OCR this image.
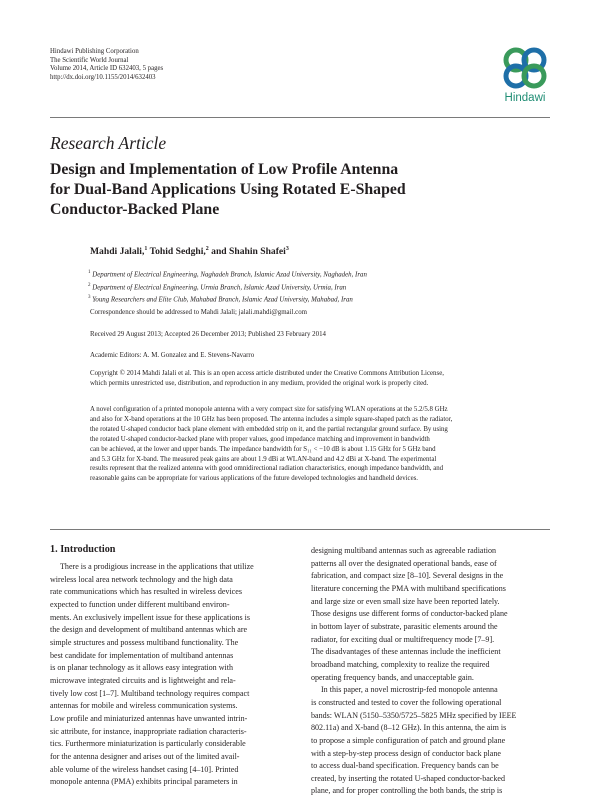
Hindawi Publishing Corporation
The Scientific World Journal
Volume 2014, Article ID 632403, 5 pages
http://dx.doi.org/10.1155/2014/632403
Hindawi
Research Article
Design and Implementation of Low Profile Antenna
for Dual-Band Applications Using Rotated E-Shaped
Conductor-Backed Plane
Mahdi Jalali,$^1$ Tohid Sedghi,$^2$ and Shahin Shafei$^3$
$^1$ Department of Electrical Engineering, Naghadeh Branch, Islamic Azad University, Naghadeh, Iran
$^2$ Department of Electrical Engineering, Urmia Branch, Islamic Azad University, Urmia, Iran
$^3$ Young Researchers and Elite Club, Mahabad Branch, Islamic Azad University, Mahabad, Iran
Correspondence should be addressed to Mahdi Jalali; jalali.mahdi@gmail.com
Received 29 August 2013; Accepted 26 December 2013; Published 23 February 2014
Academic Editors: A. M. Gonzalez and E. Stevens-Navarro
Copyright © 2014 Mahdi Jalali et al. This is an open access article distributed under the Creative Commons Attribution License,
which permits unrestricted use, distribution, and reproduction in any medium, provided the original work is properly cited.
A novel configuration of a printed monopole antenna with a very compact size for satisfying WLAN operations at the 5.2/5.8 GHz
and also for X-band operations at the 10 GHz has been proposed. The antenna includes a simple square-shaped patch as the radiator,
the rotated U-shaped conductor back plane element with embedded strip on it, and the partial rectangular ground surface. By using
the rotated U-shaped conductor-backed plane with proper values, good impedance matching and improvement in bandwidth
can be achieved, at the lower and upper bands. The impedance bandwidth for S₁₁ < −10 dB is about 1.15 GHz for 5 GHz band
and 5.3 GHz for X-band. The measured peak gains are about 1.9 dBi at WLAN-band and 4.2 dBi at X-band. The experimental
results represent that the realized antenna with good omnidirectional radiation characteristics, enough impedance bandwidth, and
reasonable gains can be appropriate for various applications of the future developed technologies and handheld devices.
1. Introduction
There is a prodigious increase in the applications that utilize
wireless local area network technology and the high data
rate communications which has resulted in wireless devices
expected to function under different multiband environ-
ments. An exclusively impellent issue for these applications is
the design and development of multiband antennas which are
simple structures and possess multiband functionality. The
best candidate for implementation of multiband antennas
is on planar technology as it allows easy integration with
microwave integrated circuits and is lightweight and rela-
tively low cost [1–7]. Multiband technology requires compact
antennas for mobile and wireless communication systems.
Low profile and miniaturized antennas have unwanted intrin-
sic attribute, for instance, inappropriate radiation characteris-
tics. Furthermore miniaturization is particularly considerable
for the antenna designer and arises out of the limited avail-
able volume of the wireless handset casing [4–10]. Printed
monopole antenna (PMA) exhibits principal parameters in
designing multiband antennas such as agreeable radiation
patterns all over the designated operational bands, ease of
fabrication, and compact size [8–10]. Several designs in the
literature concerning the PMA with multiband specifications
and large size or even small size have been reported lately.
Those designs use different forms of conductor-backed plane
in bottom layer of substrate, parasitic elements around the
radiator, for exciting dual or multifrequency mode [7–9].
The disadvantages of these antennas include the inefficient
broadband matching, complexity to realize the required
operating frequency bands, and unacceptable gain.
In this paper, a novel microstrip-fed monopole antenna
is constructed and tested to cover the following operational
bands: WLAN (5150–5350/5725–5825 MHz specified by IEEE
802.11a) and X-band (8–12 GHz). In this antenna, the aim is
to propose a simple configuration of patch and ground plane
with a step-by-step process design of conductor back plane
to access dual-band specification. Frequency bands can be
created, by inserting the rotated U-shaped conductor-backed
plane, and for proper controlling the both bands, the strip is
